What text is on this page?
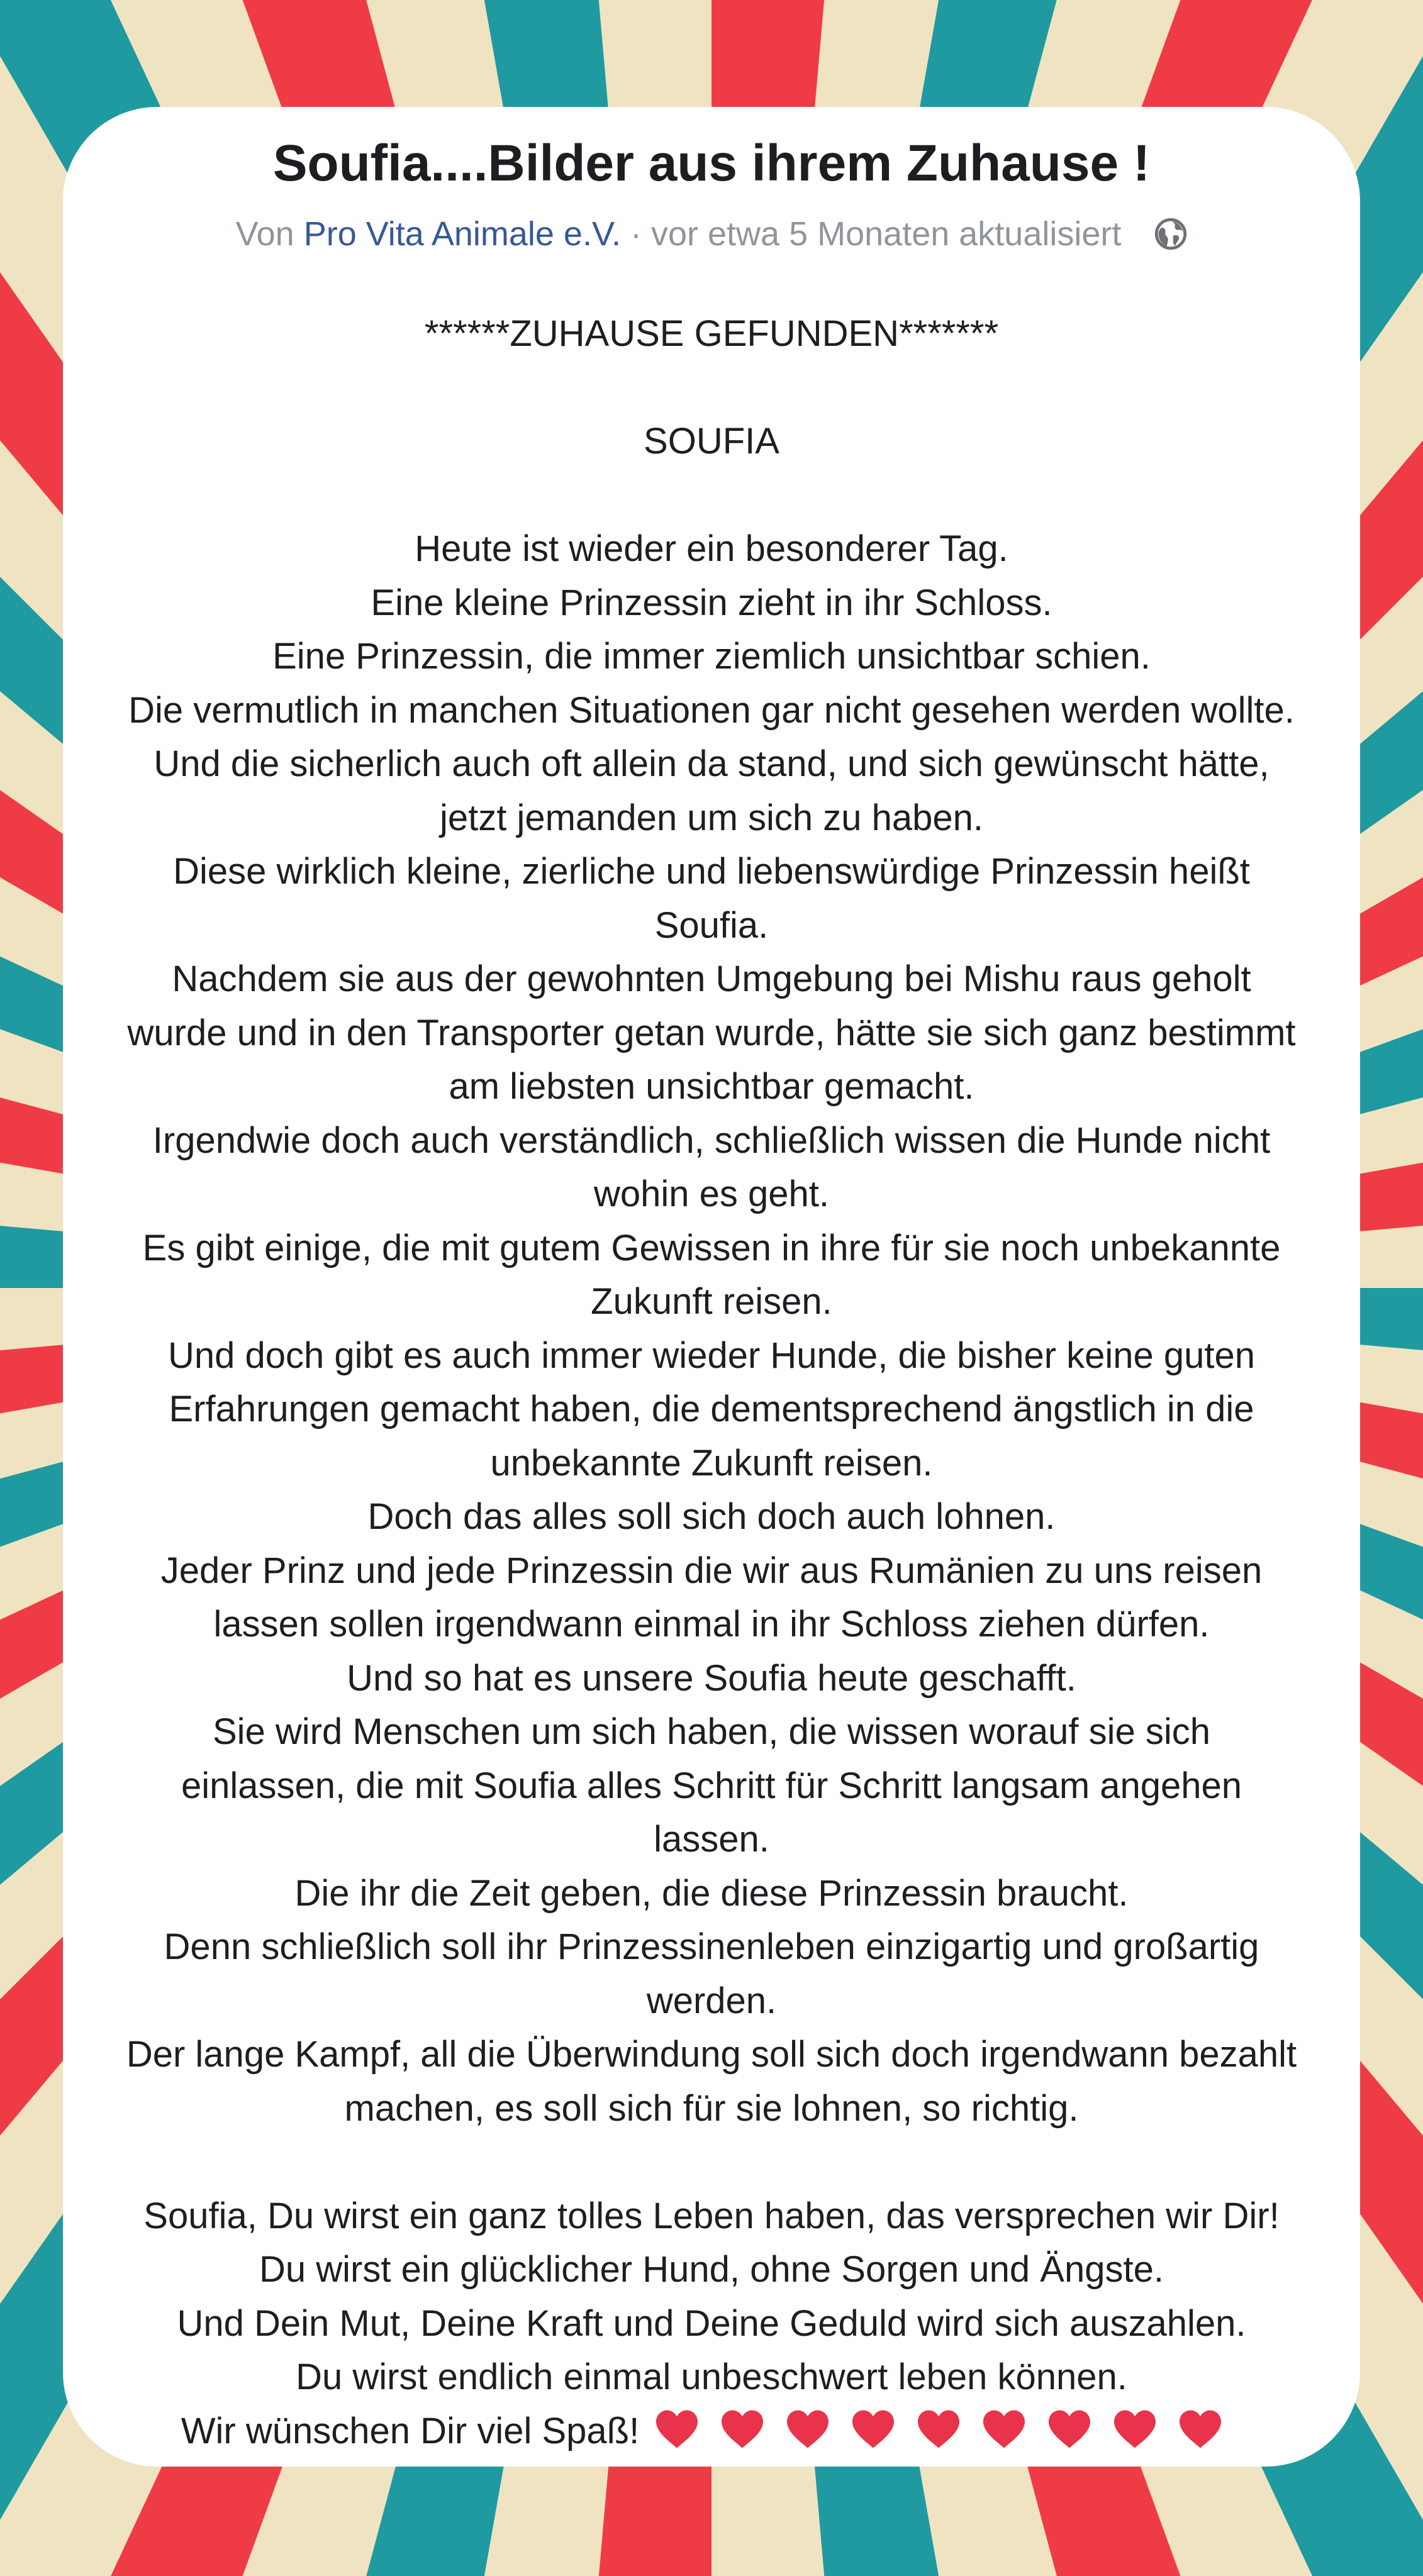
Soufia....Bilder aus ihrem Zuhause !
Von Pro Vita Animale e.V. · vor etwa 5 Monaten aktualisiert
******ZUHAUSE GEFUNDEN*******
SOUFIA
Heute ist wieder ein besonderer Tag.
Eine kleine Prinzessin zieht in ihr Schloss.
Eine Prinzessin, die immer ziemlich unsichtbar schien.
Die vermutlich in manchen Situationen gar nicht gesehen werden wollte.
Und die sicherlich auch oft allein da stand, und sich gewünscht hätte,
jetzt jemanden um sich zu haben.
Diese wirklich kleine, zierliche und liebenswürdige Prinzessin heißt
Soufia.
Nachdem sie aus der gewohnten Umgebung bei Mishu raus geholt
wurde und in den Transporter getan wurde, hätte sie sich ganz bestimmt
am liebsten unsichtbar gemacht.
Irgendwie doch auch verständlich, schließlich wissen die Hunde nicht
wohin es geht.
Es gibt einige, die mit gutem Gewissen in ihre für sie noch unbekannte
Zukunft reisen.
Und doch gibt es auch immer wieder Hunde, die bisher keine guten
Erfahrungen gemacht haben, die dementsprechend ängstlich in die
unbekannte Zukunft reisen.
Doch das alles soll sich doch auch lohnen.
Jeder Prinz und jede Prinzessin die wir aus Rumänien zu uns reisen
lassen sollen irgendwann einmal in ihr Schloss ziehen dürfen.
Und so hat es unsere Soufia heute geschafft.
Sie wird Menschen um sich haben, die wissen worauf sie sich
einlassen, die mit Soufia alles Schritt für Schritt langsam angehen
lassen.
Die ihr die Zeit geben, die diese Prinzessin braucht.
Denn schließlich soll ihr Prinzessinenleben einzigartig und großartig
werden.
Der lange Kampf, all die Überwindung soll sich doch irgendwann bezahlt
machen, es soll sich für sie lohnen, so richtig.
Soufia, Du wirst ein ganz tolles Leben haben, das versprechen wir Dir!
Du wirst ein glücklicher Hund, ohne Sorgen und Ängste.
Und Dein Mut, Deine Kraft und Deine Geduld wird sich auszahlen.
Du wirst endlich einmal unbeschwert leben können.
Wir wünschen Dir viel Spaß!
